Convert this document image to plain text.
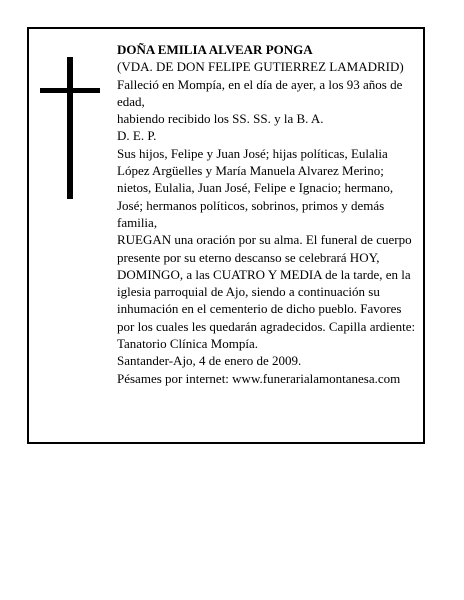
DOÑA EMILIA ALVEAR PONGA
(VDA. DE DON FELIPE GUTIERREZ LAMADRID)
Falleció en Mompía, en el día de ayer, a los 93 años de edad,
habiendo recibido los SS. SS. y la B. A.
D. E. P.
Sus hijos, Felipe y Juan José; hijas políticas, Eulalia López Argüelles y María Manuela Alvarez Merino; nietos, Eulalia, Juan José, Felipe e Ignacio; hermano, José; hermanos políticos, sobrinos, primos y demás familia,
RUEGAN una oración por su alma. El funeral de cuerpo presente por su eterno descanso se celebrará HOY, DOMINGO, a las CUATRO Y MEDIA de la tarde, en la iglesia parroquial de Ajo, siendo a continuación su inhumación en el cementerio de dicho pueblo. Favores por los cuales les quedarán agradecidos. Capilla ardiente: Tanatorio Clínica Mompía.
Santander-Ajo, 4 de enero de 2009.
Pésames por internet: www.funerarialamontanesa.com
